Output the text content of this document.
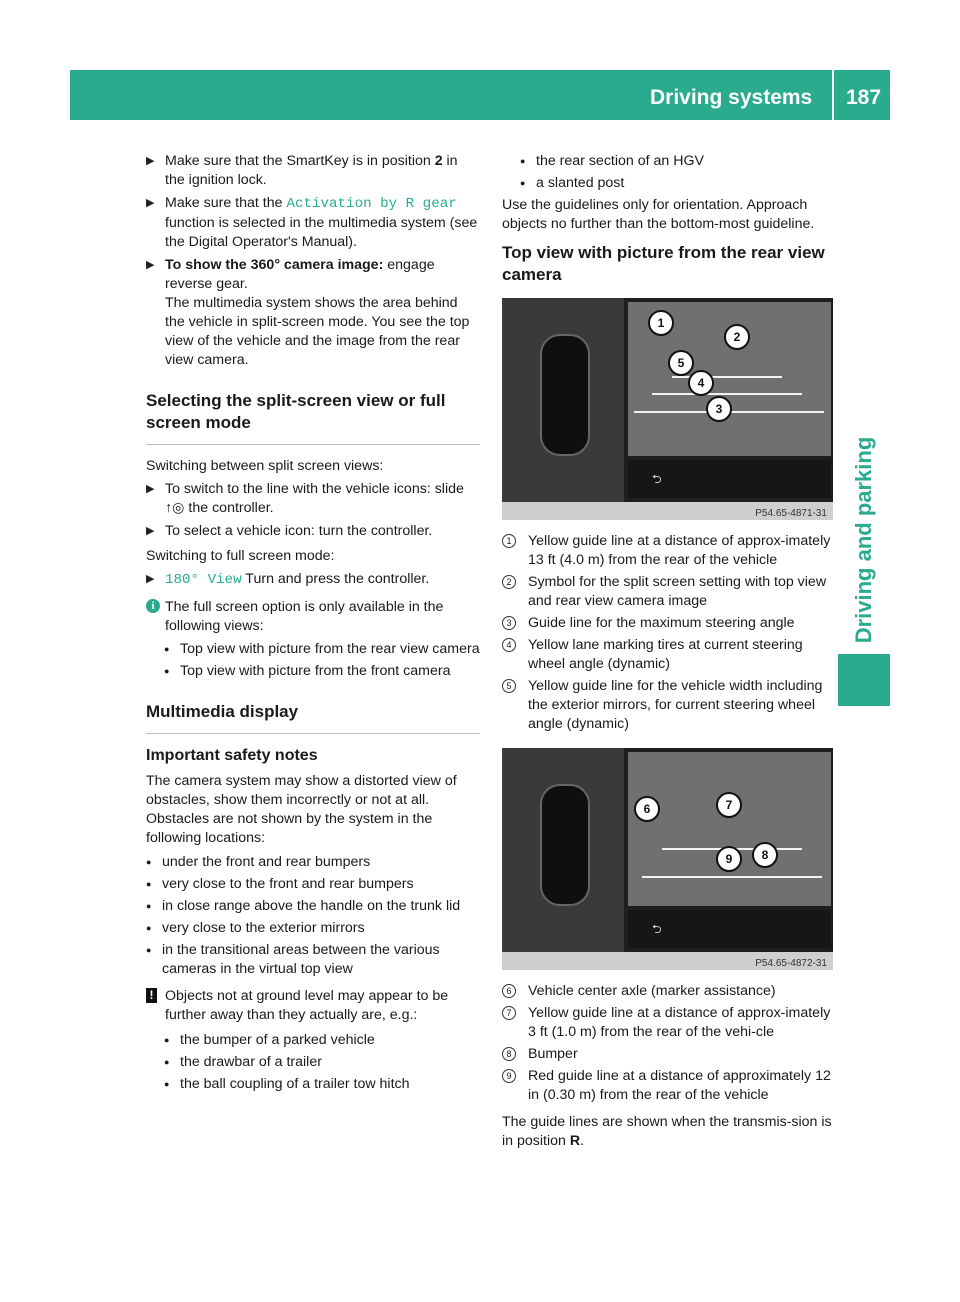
Driving systems 187
Driving and parking

▶ Make sure that the SmartKey is in position 2 in the ignition lock.

▶ Make sure that the Activation by R gear function is selected in the multimedia system (see the Digital Operator's Manual).

▶ To show the 360° camera image: engage reverse gear.
The multimedia system shows the area behind the vehicle in split-screen mode. You see the top view of the vehicle and the image from the rear view camera.

Selecting the split-screen view or full screen mode

Switching between split screen views:

▶ To switch to the line with the vehicle icons: slide ↑◎ the controller.

▶ To select a vehicle icon: turn the controller.

Switching to full screen mode:

▶ 180° View Turn and press the controller.

i The full screen option is only available in the following views:

● Top view with picture from the rear view camera

● Top view with picture from the front camera

Multimedia display
Important safety notes

The camera system may show a distorted view of obstacles, show them incorrectly or not at all. Obstacles are not shown by the system in the following locations:

● under the front and rear bumpers

● very close to the front and rear bumpers

● in close range above the handle on the trunk lid

● very close to the exterior mirrors

● in the transitional areas between the various cameras in the virtual top view

! Objects not at ground level may appear to be further away than they actually are, e.g.:

● the bumper of a parked vehicle

● the drawbar of a trailer

● the ball coupling of a trailer tow hitch

● the rear section of an HGV

● a slanted post

Use the guidelines only for orientation. Approach objects no further than the bottom-most guideline.

Top view with picture from the rear view camera
⮌
P54.65-4871-31
1
2
3
4
5

1	Yellow guide line at a distance of approx-imately 13 ft (4.0 m) from the rear of the vehicle

2	Symbol for the split screen setting with top view and rear view camera image

3	Guide line for the maximum steering angle

4	Yellow lane marking tires at current steering wheel angle (dynamic)

5	Yellow guide line for the vehicle width including the exterior mirrors, for current steering wheel angle (dynamic)

⮌
P54.65-4872-31
6	7
8
9

6	Vehicle center axle (marker assistance)

7	Yellow guide line at a distance of approx-imately 3 ft (1.0 m) from the rear of the vehi-cle

8	Bumper

9	Red guide line at a distance of approximately 12 in (0.30 m) from the rear of the vehicle

The guide lines are shown when the transmis-sion is in position R.
